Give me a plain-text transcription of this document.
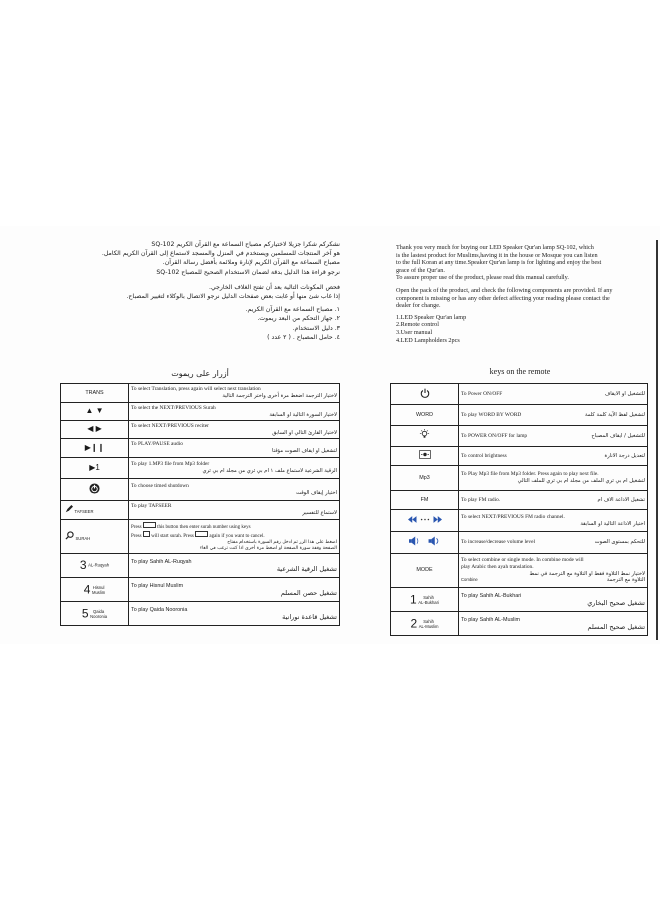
نشكركم شكرا جزيلا لاختياركم مصباح السماعة مع القرآن الكريم SQ-102

هو آخر المنتجات للمسلمين ويستخدم في المنزل والمسجد لاستماع إلى القرآن الكريم الكامل.

مصباح السماعة مع القرآن الكريم لإنارة وملائمة بأفضل رسالة القرآن.

نرجو قراءة هذا الدليل بدقة لضمان الاستخدام الصحيح للمصباح SQ-102

فحص المكونات التالية بعد أن تفتح الغلاف الخارجي.

إذا غاب شئ منها أو غابت بعض صفحات الدليل نرجو الاتصال بالوكلاء لتغيير المصباح.

١. مصباح السماعة مع القرآن الكريم.

٢. جهاز التحكم من البعد ريموت.

٣. دليل الاستخدام.

٤. حامل المصباح . ( ٢ عدد )

أزرار على ريموت
TRANS	To select Translation, press again will select next translation
لاختيار الترجمة اضغط مرة أخرى واختر الترجمة التالية

▲ ▼	To select the NEXT/PREVIOUS Surah
لاختيار السورة التالية او السابقة

◀ ▶	To select NEXT/PREVIOUS reciter
لاختيار القارئ التالي او السابق

▶❙❙	To PLAY/PAUSE audio
لتشغيل او ايقاف الصوت مؤقتا

▶1	To play 1.MP3 file from Mp3 folder
الرقية الشرعية لاستماع ملف ١ ام بي ثري من مجلد ام بي ثري

To choose timed shutdown
اختيار إيقاف الوقت

TAFSEER	To play TAFSEER
لاستماع للتفسير

SURAH	Press this button then enter surah number using keys
Press will start surah. Press again if you want to cancel.
اضغط على هذا الزر ثم ادخل رقم السورة باستخدام مفتاح
الصفحة وقفة سورة الصفحة او اضغط مرة أخرى اذا كنت ترغب في الغاء

3 AL-Ruqyah	To play Sahih AL-Ruqyah
تشغيل الرقية الشرعية

4 Hisnul
Muslim	To play Hisnul Muslim
تشغيل حصن المسلم

5 Qaida
Nooronia	To play Qaida Nooronia
تشغيل قاعدة نورانية

Thank you very much for buying our LED Speaker Qur'an lamp SQ-102, which

is the lastest product for Muslims,having it in the house or Mosque you can listen

to the full Koran at any time.Speaker Qur'an lamp is for lighting and enjoy the best

grace of the Qur'an.

To assure proper use of the product, please read this manual carefully.

Open the pack of the product, and check the following components are provided. If any

component is missing or has any other defect affecting your reading please contact the

dealer for change.

1.LED Speaker Qur'an lamp

2.Remote control

3.User manual

4.LED Lampholders 2pcs

keys on the remote
	To Power ON/OFF للتشغيل او الايقاف

WORD	To play WORD BY WORD لتشغيل لفظ الآية كلمة كلمة

	To POWER ON/OFF for lamp للتشغيل / ايقاف المصباح

	To control brightness لتعديل درجة الانارة

Mp3	To Play Mp3 file from Mp3 folder. Press again to play next file.
لتشغيل ام بي ثري الملف من مجلد ام بي ثري للملف التالي

FM	To play FM radio. تشغيل الاذاعة الاف ام

To select NEXT/PREVIOUS FM radio channel.
اختيار الاذاعة التالية او السابقة

	To increase/decrease volume level للتحكم بمستوى الصوت

MODE	To select combine or single mode. In combine mode will
play Arabic then ayah translation.
لاختيار نمط التلاوة فقط او التلاوة مع الترجمة في نمط
Combine التلاوة مع الترجمة

1 Sahih
AL-Bukhari	To play Sahih AL-Bukhari
تشغيل صحيح البخاري

2 Sahih
AL-Muslim	To play Sahih AL-Muslim
تشغيل صحيح المسلم
